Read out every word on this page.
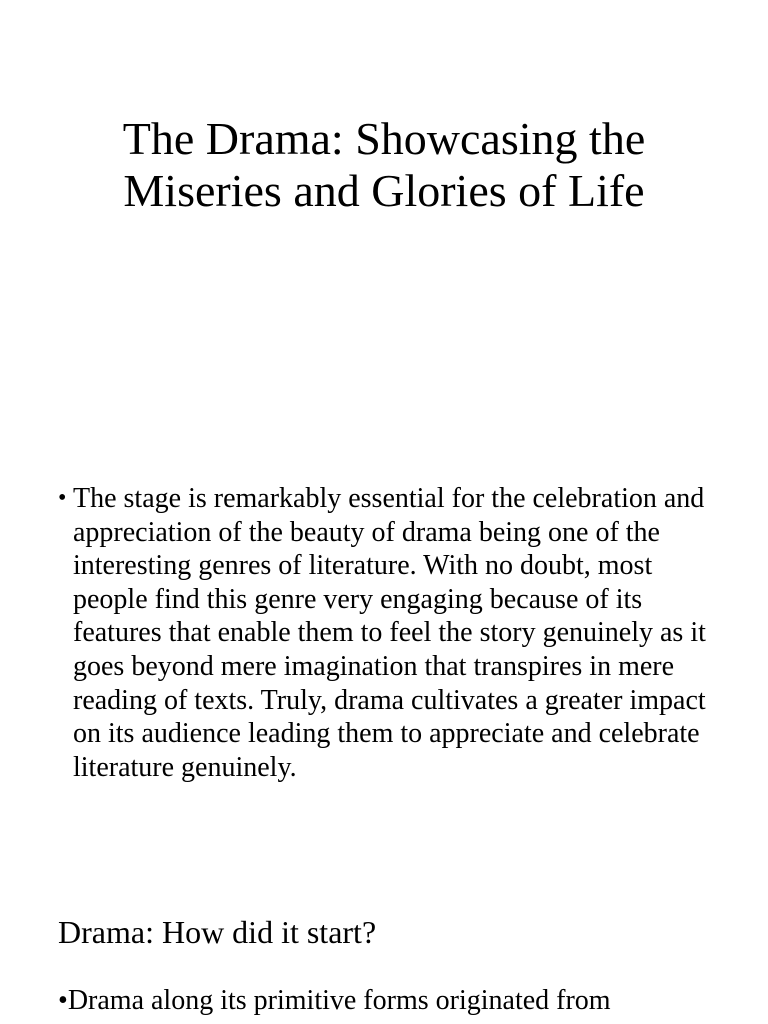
The Drama: Showcasing the
Miseries and Glories of Life
• The stage is remarkably essential for the celebration and appreciation of the beauty of drama being one of the interesting genres of literature. With no doubt, most people find this genre very engaging because of its features that enable them to feel the story genuinely as it goes beyond mere imagination that transpires in mere reading of texts. Truly, drama cultivates a greater impact on its audience leading them to appreciate and celebrate literature genuinely.
Drama: How did it start?
•Drama along its primitive forms originated from
